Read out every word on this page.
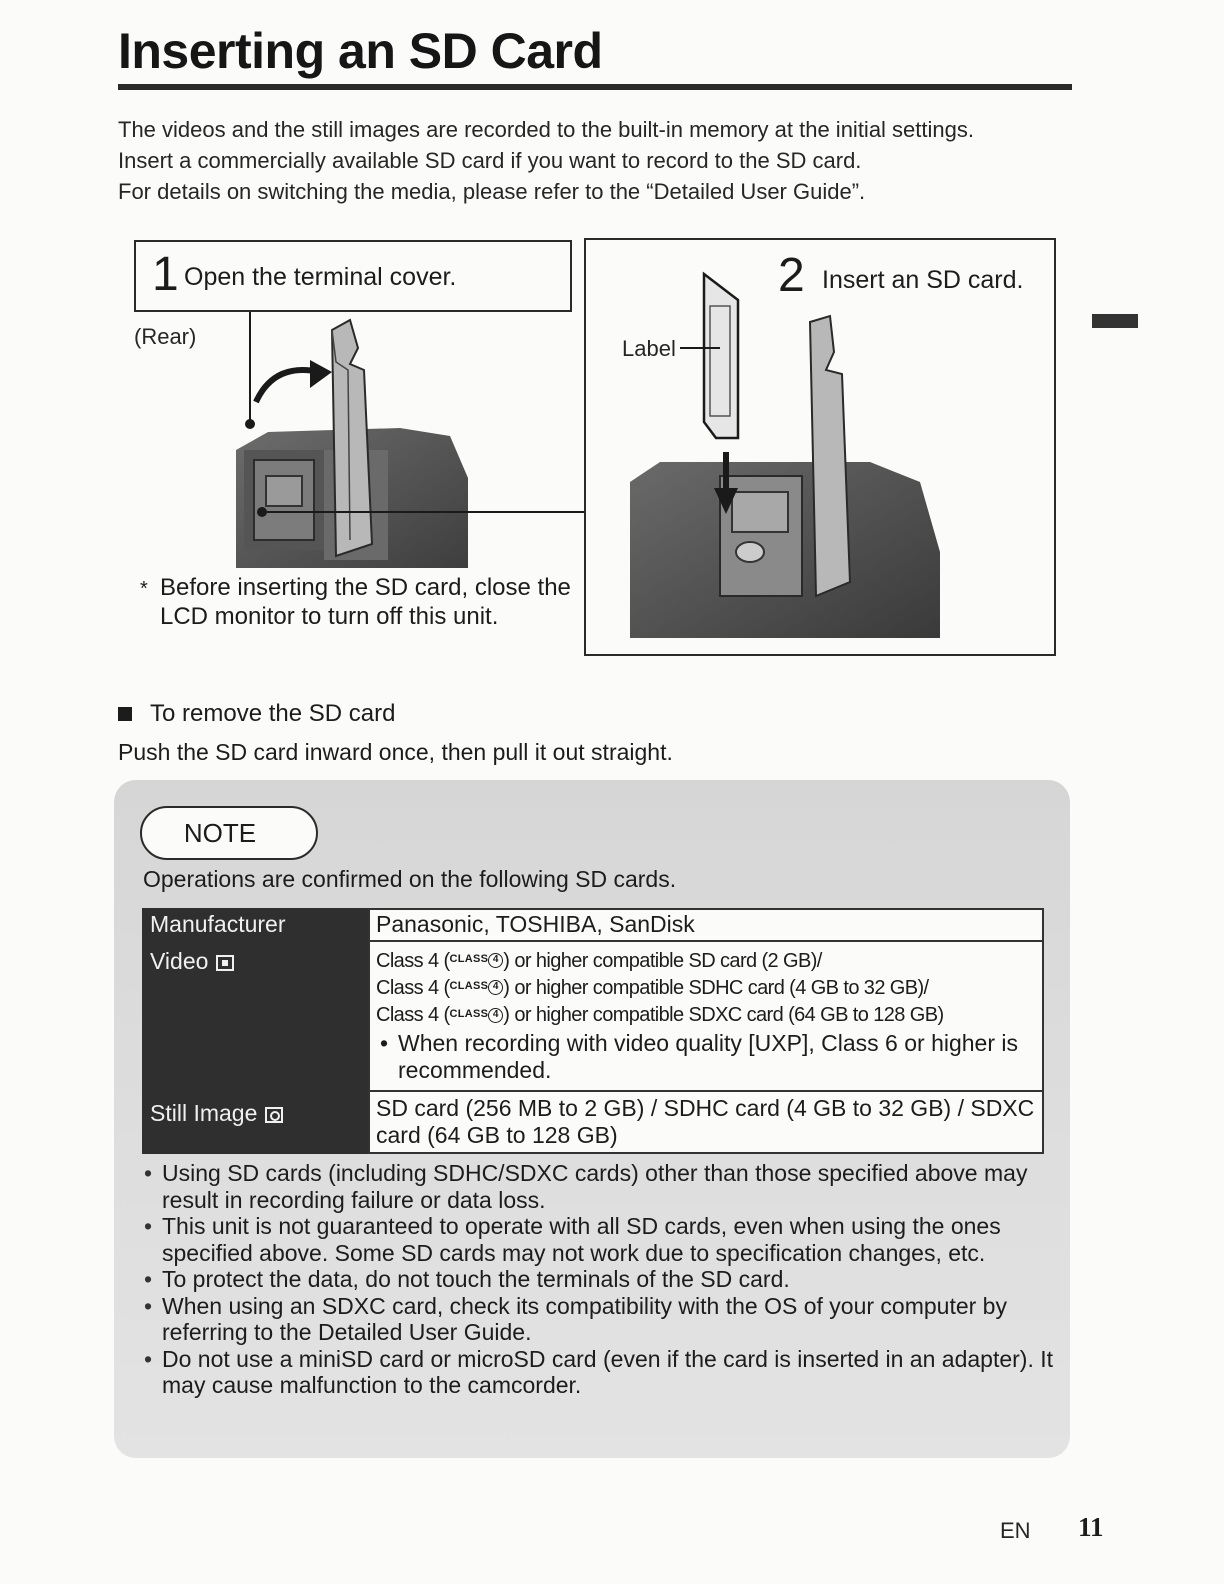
Inserting an SD Card

The videos and the still images are recorded to the built-in memory at the initial settings.

Insert a commercially available SD card if you want to record to the SD card.

For details on switching the media, please refer to the “Detailed User Guide”.

2 Insert an SD card.
1 Open the terminal cover.
(Rear)	Label
* Before inserting the SD card, close the LCD monitor to turn off this unit.
To remove the SD card
Push the SD card inward once, then pull it out straight.
NOTE
Operations are confirmed on the following SD cards.
Manufacturer	Panasonic, TOSHIBA, SanDisk
Video	Class 4 (CLASS 4 ) or higher compatible SD card (2 GB)/
Class 4 (CLASS 4 ) or higher compatible SDHC card (4 GB to 32 GB)/
Class 4 (CLASS 4 ) or higher compatible SDXC card (64 GB to 128 GB)
• When recording with video quality [UXP], Class 6 or higher is recommended.
Still Image	SD card (256 MB to 2 GB) / SDHC card (4 GB to 32 GB) / SDXC card (64 GB to 128 GB)
• Using SD cards (including SDHC/SDXC cards) other than those specified above may result in recording failure or data loss.
• This unit is not guaranteed to operate with all SD cards, even when using the ones specified above. Some SD cards may not work due to specification changes, etc.
• To protect the data, do not touch the terminals of the SD card.
• When using an SDXC card, check its compatibility with the OS of your computer by referring to the Detailed User Guide.
• Do not use a miniSD card or microSD card (even if the card is inserted in an adapter). It may cause malfunction to the camcorder.
EN 11
